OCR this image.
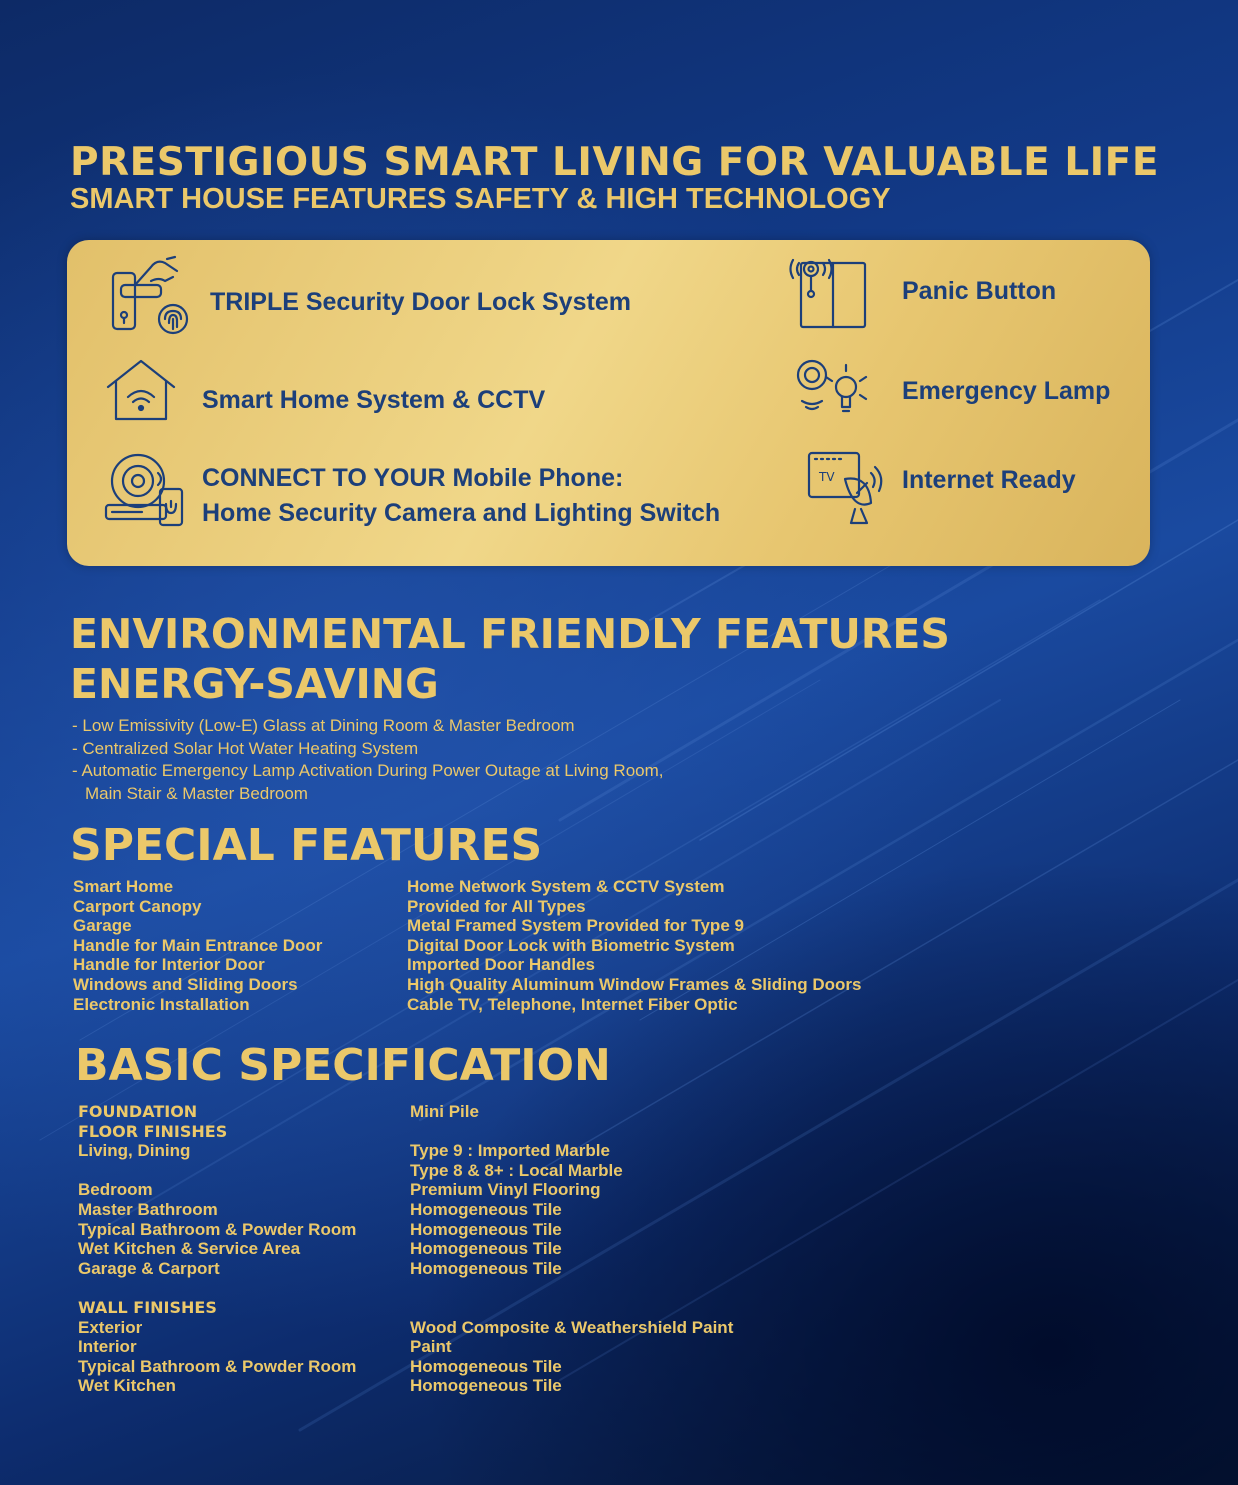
PRESTIGIOUS SMART LIVING FOR VALUABLE LIFE
SMART HOUSE FEATURES SAFETY & HIGH TECHNOLOGY
TV
TRIPLE Security Door Lock System
Smart Home System & CCTV
CONNECT TO YOUR Mobile Phone:
Home Security Camera and Lighting Switch
Panic Button
Emergency Lamp
Internet Ready
ENVIRONMENTAL FRIENDLY FEATURES
ENERGY-SAVING
- Low Emissivity (Low-E) Glass at Dining Room & Master Bedroom
- Centralized Solar Hot Water Heating System
- Automatic Emergency Lamp Activation During Power Outage at Living Room,
Main Stair & Master Bedroom
SPECIAL FEATURES
Smart Home
Carport Canopy
Garage
Handle for Main Entrance Door
Handle for Interior Door
Windows and Sliding Doors
Electronic Installation
Home Network System & CCTV System
Provided for All Types
Metal Framed System Provided for Type 9
Digital Door Lock with Biometric System
Imported Door Handles
High Quality Aluminum Window Frames & Sliding Doors
Cable TV, Telephone, Internet Fiber Optic
BASIC SPECIFICATION
FOUNDATION
FLOOR FINISHES
Living, Dining
Bedroom
Master Bathroom
Typical Bathroom & Powder Room
Wet Kitchen & Service Area
Garage & Carport
WALL FINISHES
Exterior
Interior
Typical Bathroom & Powder Room
Wet Kitchen
Mini Pile
Type 9 : Imported Marble
Type 8 & 8+ : Local Marble
Premium Vinyl Flooring
Homogeneous Tile
Homogeneous Tile
Homogeneous Tile
Homogeneous Tile
Wood Composite & Weathershield Paint
Paint
Homogeneous Tile
Homogeneous Tile
